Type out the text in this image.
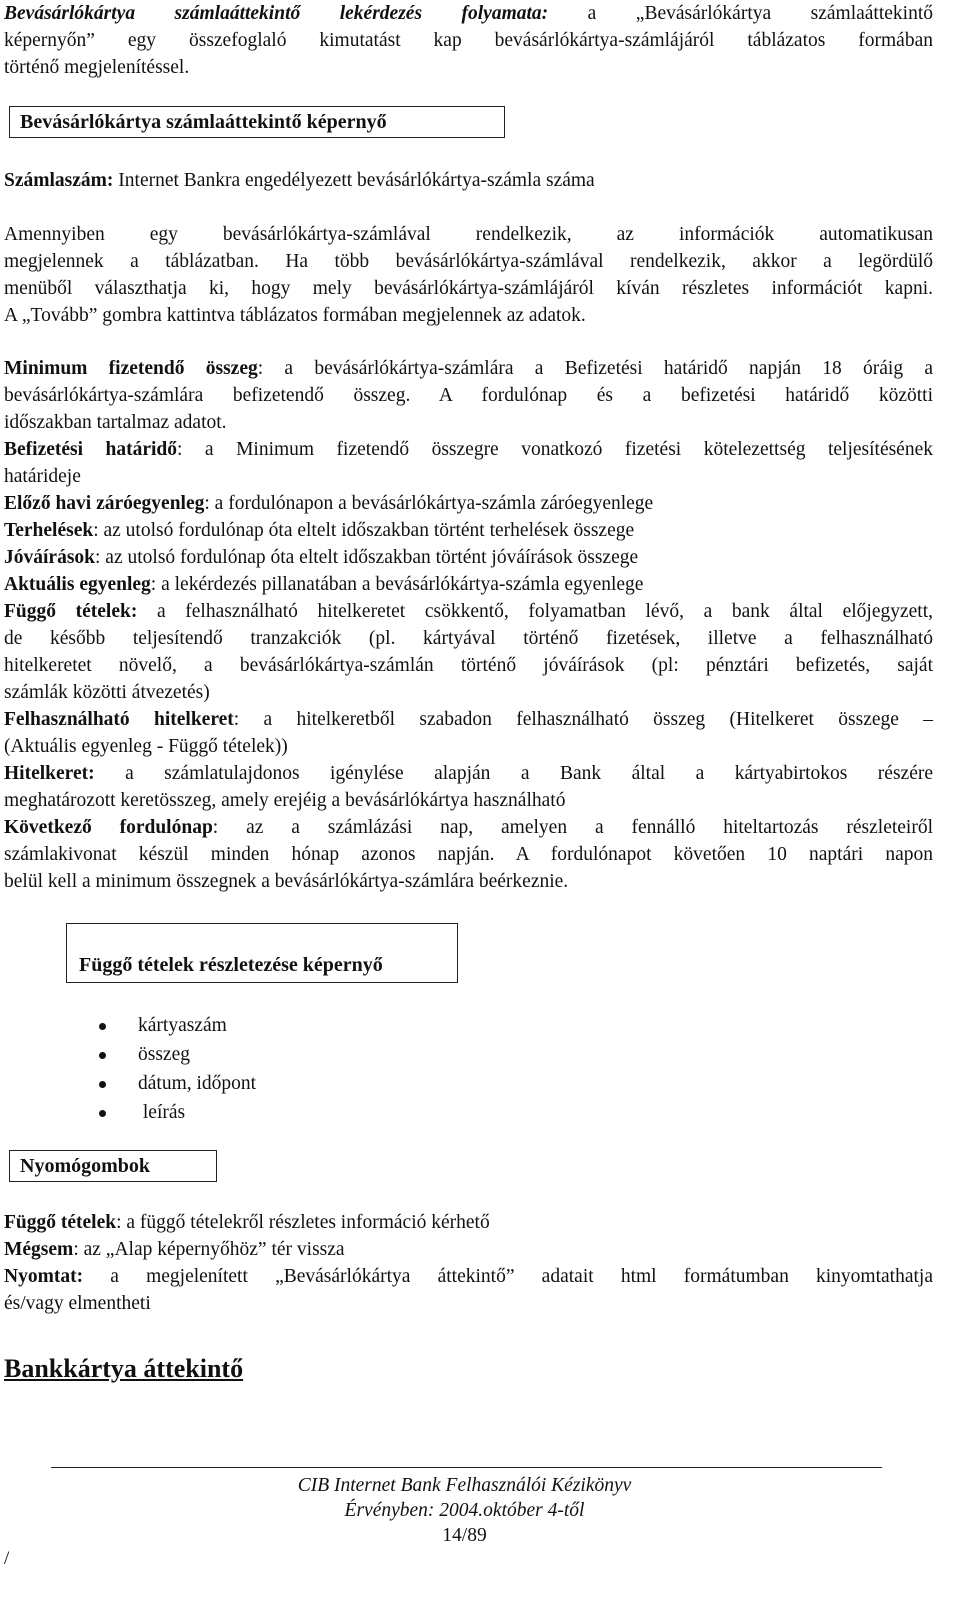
Bevásárlókártya számlaáttekintő lekérdezés folyamata: a „Bevásárlókártya számlaáttekintő

képernyőn” egy összefoglaló kimutatást kap bevásárlókártya-számlájáról táblázatos formában

történő megjelenítéssel.

Bevásárlókártya számlaáttekintő képernyő

Számlaszám: Internet Bankra engedélyezett bevásárlókártya-számla száma

Amennyiben egy bevásárlókártya-számlával rendelkezik, az információk automatikusan

megjelennek a táblázatban. Ha több bevásárlókártya-számlával rendelkezik, akkor a legördülő

menüből választhatja ki, hogy mely bevásárlókártya-számlájáról kíván részletes információt kapni.

A „Tovább” gombra kattintva táblázatos formában megjelennek az adatok.

Minimum fizetendő összeg: a bevásárlókártya-számlára a Befizetési határidő napján 18 óráig a

bevásárlókártya-számlára befizetendő összeg. A fordulónap és a befizetési határidő közötti

időszakban tartalmaz adatot.

Befizetési határidő: a Minimum fizetendő összegre vonatkozó fizetési kötelezettség teljesítésének

határideje

Előző havi záróegyenleg: a fordulónapon a bevásárlókártya-számla záróegyenlege

Terhelések: az utolsó fordulónap óta eltelt időszakban történt terhelések összege

Jóváírások: az utolsó fordulónap óta eltelt időszakban történt jóváírások összege

Aktuális egyenleg: a lekérdezés pillanatában a bevásárlókártya-számla egyenlege

Függő tételek: a felhasználható hitelkeretet csökkentő, folyamatban lévő, a bank által előjegyzett,

de később teljesítendő tranzakciók (pl. kártyával történő fizetések, illetve a felhasználható

hitelkeretet növelő, a bevásárlókártya-számlán történő jóváírások (pl: pénztári befizetés, saját

számlák közötti átvezetés)

Felhasználható hitelkeret: a hitelkeretből szabadon felhasználható összeg (Hitelkeret összege –

(Aktuális egyenleg - Függő tételek))

Hitelkeret: a számlatulajdonos igénylése alapján a Bank által a kártyabirtokos részére

meghatározott keretösszeg, amely erejéig a bevásárlókártya használható

Következő fordulónap: az a számlázási nap, amelyen a fennálló hiteltartozás részleteiről

számlakivonat készül minden hónap azonos napján. A fordulónapot követően 10 naptári napon

belül kell a minimum összegnek a bevásárlókártya-számlára beérkeznie.

Függő tételek részletezése képernyő
kártyaszám
összeg
dátum, időpont
leírás
Nyomógombok

Függő tételek: a függő tételekről részletes információ kérhető

Mégsem: az „Alap képernyőhöz” tér vissza

Nyomtat: a megjelenített „Bevásárlókártya áttekintő” adatait html formátumban kinyomtathatja

és/vagy elmentheti

Bankkártya áttekintő
CIB Internet Bank Felhasználói Kézikönyv
Érvényben: 2004.október 4-től
14/89
/
